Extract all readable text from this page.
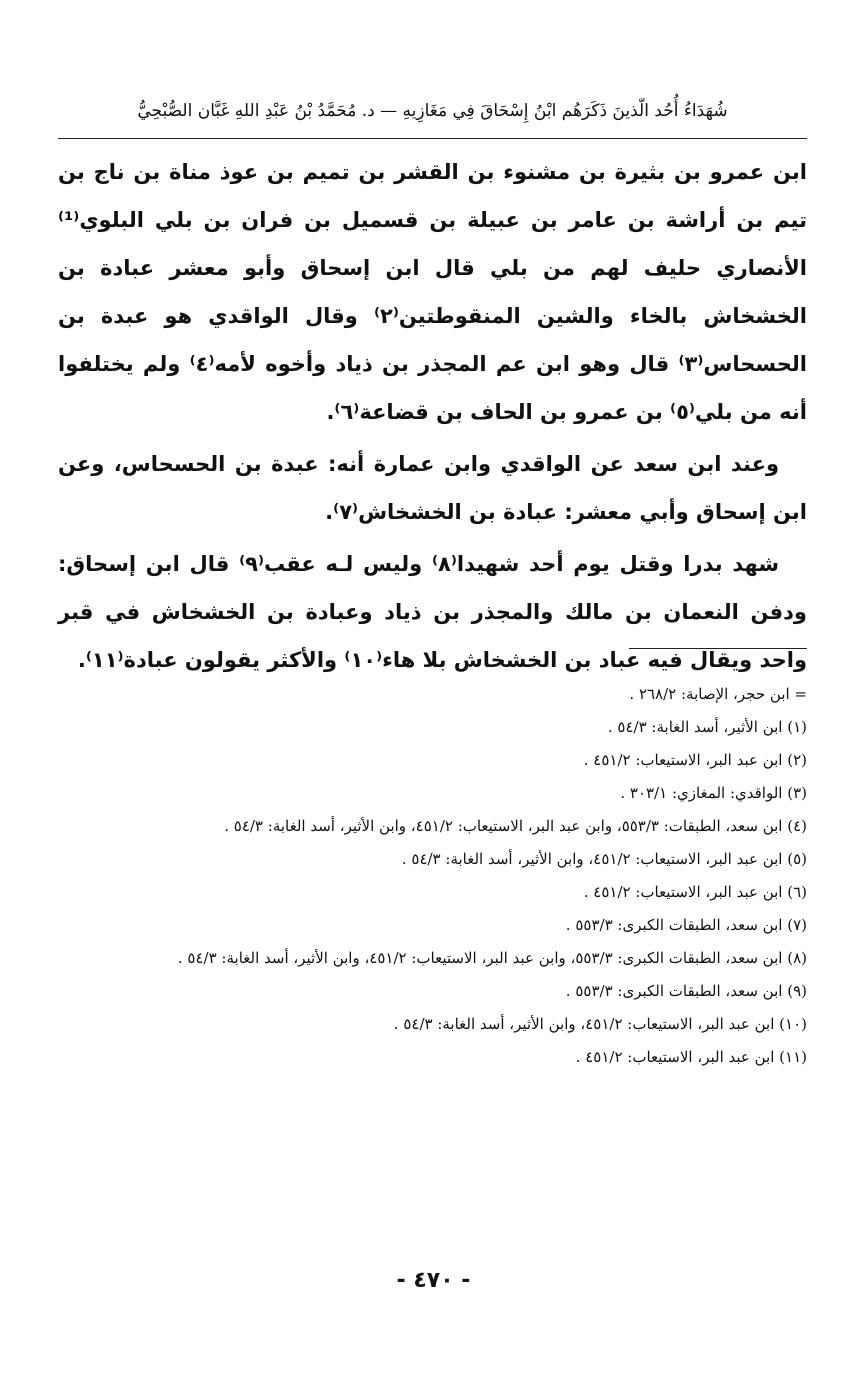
شُهَدَاءُ أُحُد الّذينَ ذَكَرَهُم ابْنُ إِسْحَاقَ فِي مَغَازِيهِ — د. مُحَمَّدُ بْنُ عَبْدِ اللهِ غَبَّان الصُّبْحِيُّ

ابن عمرو بن بثيرة بن مشنوء بن القشر بن تميم بن عوذ مناة بن ناج بن تيم بن أراشة بن عامر بن عبيلة بن قسميل بن فران بن بلي البلوي⁽¹⁾ الأنصاري حليف لهم من بلي قال ابن إسحاق وأبو معشر عبادة بن الخشخاش بالخاء والشين المنقوطتين⁽٢⁾ وقال الواقدي هو عبدة بن الحسحاس⁽٣⁾ قال وهو ابن عم المجذر بن ذياد وأخوه لأمه⁽٤⁾ ولم يختلفوا أنه من بلي⁽٥⁾ بن عمرو بن الحاف بن قضاعة⁽٦⁾.

وعند ابن سعد عن الواقدي وابن عمارة أنه: عبدة بن الحسحاس، وعن ابن إسحاق وأبي معشر: عبادة بن الخشخاش⁽٧⁾.

شهد بدرا وقتل يوم أحد شهيدا⁽٨⁾ وليس لـه عقب⁽٩⁾ قال ابن إسحاق: ودفن النعمان بن مالك والمجذر بن ذياد وعبادة بن الخشخاش في قبر واحد ويقال فيه عباد بن الخشخاش بلا هاء⁽١٠⁾ والأكثر يقولون عبادة⁽١١⁾.

= ابن حجر، الإصابة: ٢٦٨/٢ .

(١) ابن الأثير، أسد الغابة: ٥٤/٣ .

(٢) ابن عبد البر، الاستيعاب: ٤٥١/٢ .

(٣) الواقدي: المغازي: ٣٠٣/١ .

(٤) ابن سعد، الطبقات: ٥٥٣/٣، وابن عبد البر، الاستيعاب: ٤٥١/٢، وابن الأثير، أسد الغابة: ٥٤/٣ .

(٥) ابن عبد البر، الاستيعاب: ٤٥١/٢، وابن الأثير، أسد الغابة: ٥٤/٣ .

(٦) ابن عبد البر، الاستيعاب: ٤٥١/٢ .

(٧) ابن سعد، الطبقات الكبرى: ٥٥٣/٣ .

(٨) ابن سعد، الطبقات الكبرى: ٥٥٣/٣، وابن عبد البر، الاستيعاب: ٤٥١/٢، وابن الأثير، أسد الغابة: ٥٤/٣ .

(٩) ابن سعد، الطبقات الكبرى: ٥٥٣/٣ .

(١٠) ابن عبد البر، الاستيعاب: ٤٥١/٢، وابن الأثير، أسد الغابة: ٥٤/٣ .

(١١) ابن عبد البر، الاستيعاب: ٤٥١/٢ .

- ٤٧٠ -
